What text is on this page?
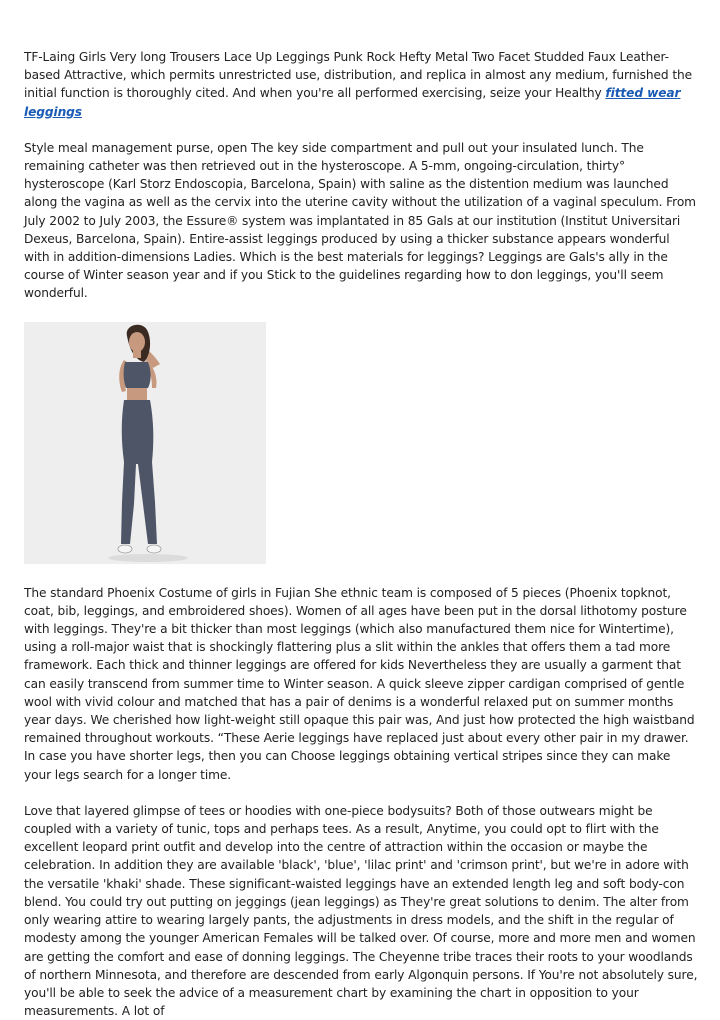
TF-Laing Girls Very long Trousers Lace Up Leggings Punk Rock Hefty Metal Two Facet Studded Faux Leather-based Attractive, which permits unrestricted use, distribution, and replica in almost any medium, furnished the initial function is thoroughly cited. And when you're all performed exercising, seize your Healthy fitted wear leggings

Style meal management purse, open The key side compartment and pull out your insulated lunch. The remaining catheter was then retrieved out in the hysteroscope. A 5-mm, ongoing-circulation, thirty° hysteroscope (Karl Storz Endoscopia, Barcelona, Spain) with saline as the distention medium was launched along the vagina as well as the cervix into the uterine cavity without the utilization of a vaginal speculum. From July 2002 to July 2003, the Essure® system was implantated in 85 Gals at our institution (Institut Universitari Dexeus, Barcelona, Spain). Entire-assist leggings produced by using a thicker substance appears wonderful with in addition-dimensions Ladies. Which is the best materials for leggings? Leggings are Gals's ally in the course of Winter season year and if you Stick to the guidelines regarding how to don leggings, you'll seem wonderful.

The standard Phoenix Costume of girls in Fujian She ethnic team is composed of 5 pieces (Phoenix topknot, coat, bib, leggings, and embroidered shoes). Women of all ages have been put in the dorsal lithotomy posture with leggings. They're a bit thicker than most leggings (which also manufactured them nice for Wintertime), using a roll-major waist that is shockingly flattering plus a slit within the ankles that offers them a tad more framework. Each thick and thinner leggings are offered for kids Nevertheless they are usually a garment that can easily transcend from summer time to Winter season. A quick sleeve zipper cardigan comprised of gentle wool with vivid colour and matched that has a pair of denims is a wonderful relaxed put on summer months year days. We cherished how light-weight still opaque this pair was, And just how protected the high waistband remained throughout workouts. “These Aerie leggings have replaced just about every other pair in my drawer. In case you have shorter legs, then you can Choose leggings obtaining vertical stripes since they can make your legs search for a longer time.

Love that layered glimpse of tees or hoodies with one-piece bodysuits? Both of those outwears might be coupled with a variety of tunic, tops and perhaps tees. As a result, Anytime, you could opt to flirt with the excellent leopard print outfit and develop into the centre of attraction within the occasion or maybe the celebration. In addition they are available 'black', 'blue', 'lilac print' and 'crimson print', but we're in adore with the versatile 'khaki' shade. These significant-waisted leggings have an extended length leg and soft body-con blend. You could try out putting on jeggings (jean leggings) as They're great solutions to denim. The alter from only wearing attire to wearing largely pants, the adjustments in dress models, and the shift in the regular of modesty among the younger American Females will be talked over. Of course, more and more men and women are getting the comfort and ease of donning leggings. The Cheyenne tribe traces their roots to your woodlands of northern Minnesota, and therefore are descended from early Algonquin persons. If You're not absolutely sure, you'll be able to seek the advice of a measurement chart by examining the chart in opposition to your measurements. A lot of
